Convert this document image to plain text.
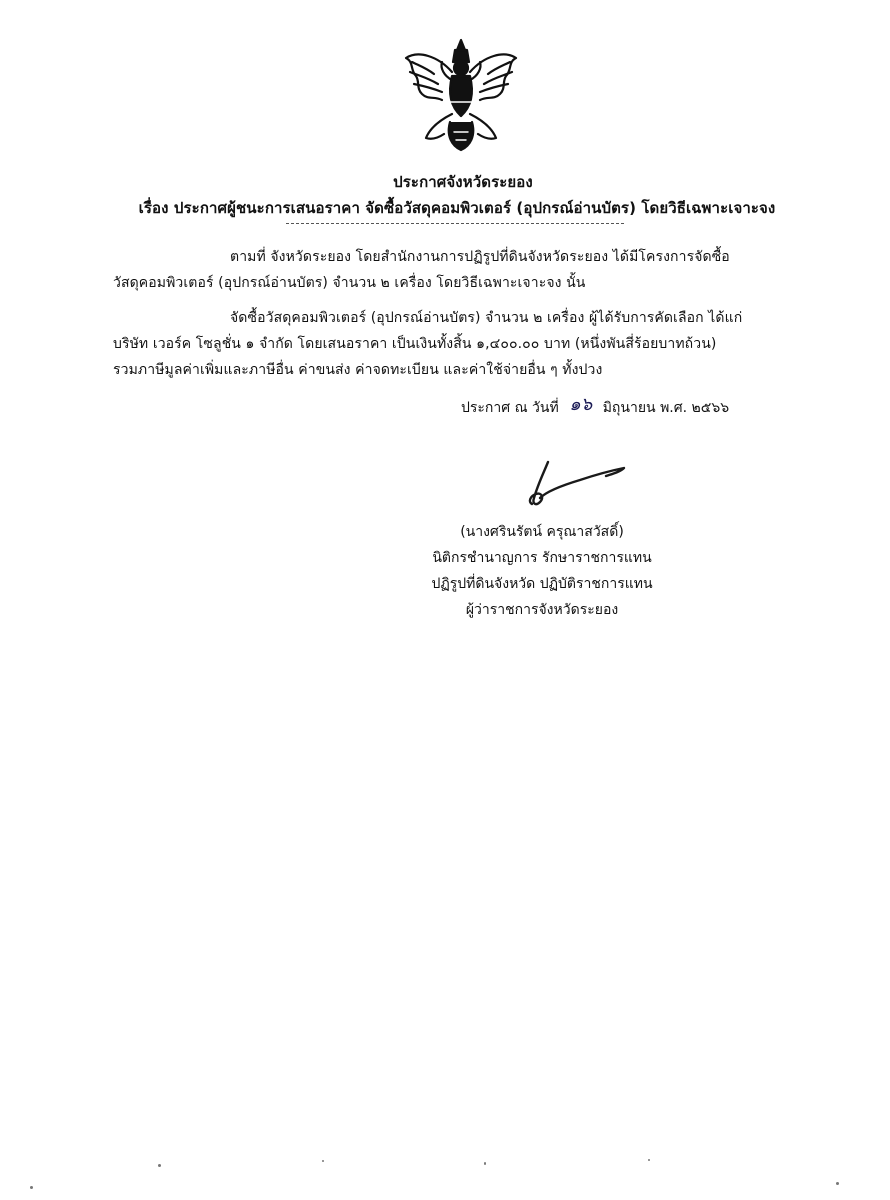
ประกาศจังหวัดระยอง
เรื่อง ประกาศผู้ชนะการเสนอราคา จัดซื้อวัสดุคอมพิวเตอร์ (อุปกรณ์อ่านบัตร) โดยวิธีเฉพาะเจาะจง
ตามที่ จังหวัดระยอง โดยสำนักงานการปฏิรูปที่ดินจังหวัดระยอง ได้มีโครงการจัดซื้อ
วัสดุคอมพิวเตอร์ (อุปกรณ์อ่านบัตร) จำนวน ๒ เครื่อง โดยวิธีเฉพาะเจาะจง นั้น
จัดซื้อวัสดุคอมพิวเตอร์ (อุปกรณ์อ่านบัตร) จำนวน ๒ เครื่อง ผู้ได้รับการคัดเลือก ได้แก่
บริษัท เวอร์ค โซลูชั่น ๑ จำกัด โดยเสนอราคา เป็นเงินทั้งสิ้น ๑,๔๐๐.๐๐ บาท (หนึ่งพันสี่ร้อยบาทถ้วน)
รวมภาษีมูลค่าเพิ่มและภาษีอื่น ค่าขนส่ง ค่าจดทะเบียน และค่าใช้จ่ายอื่น ๆ ทั้งปวง
ประกาศ ณ วันที่ ๑๖ มิถุนายน พ.ศ. ๒๕๖๖
(นางศรินรัตน์ ครุณาสวัสดิ์)
นิติกรชำนาญการ รักษาราชการแทน
ปฏิรูปที่ดินจังหวัด ปฏิบัติราชการแทน
ผู้ว่าราชการจังหวัดระยอง
